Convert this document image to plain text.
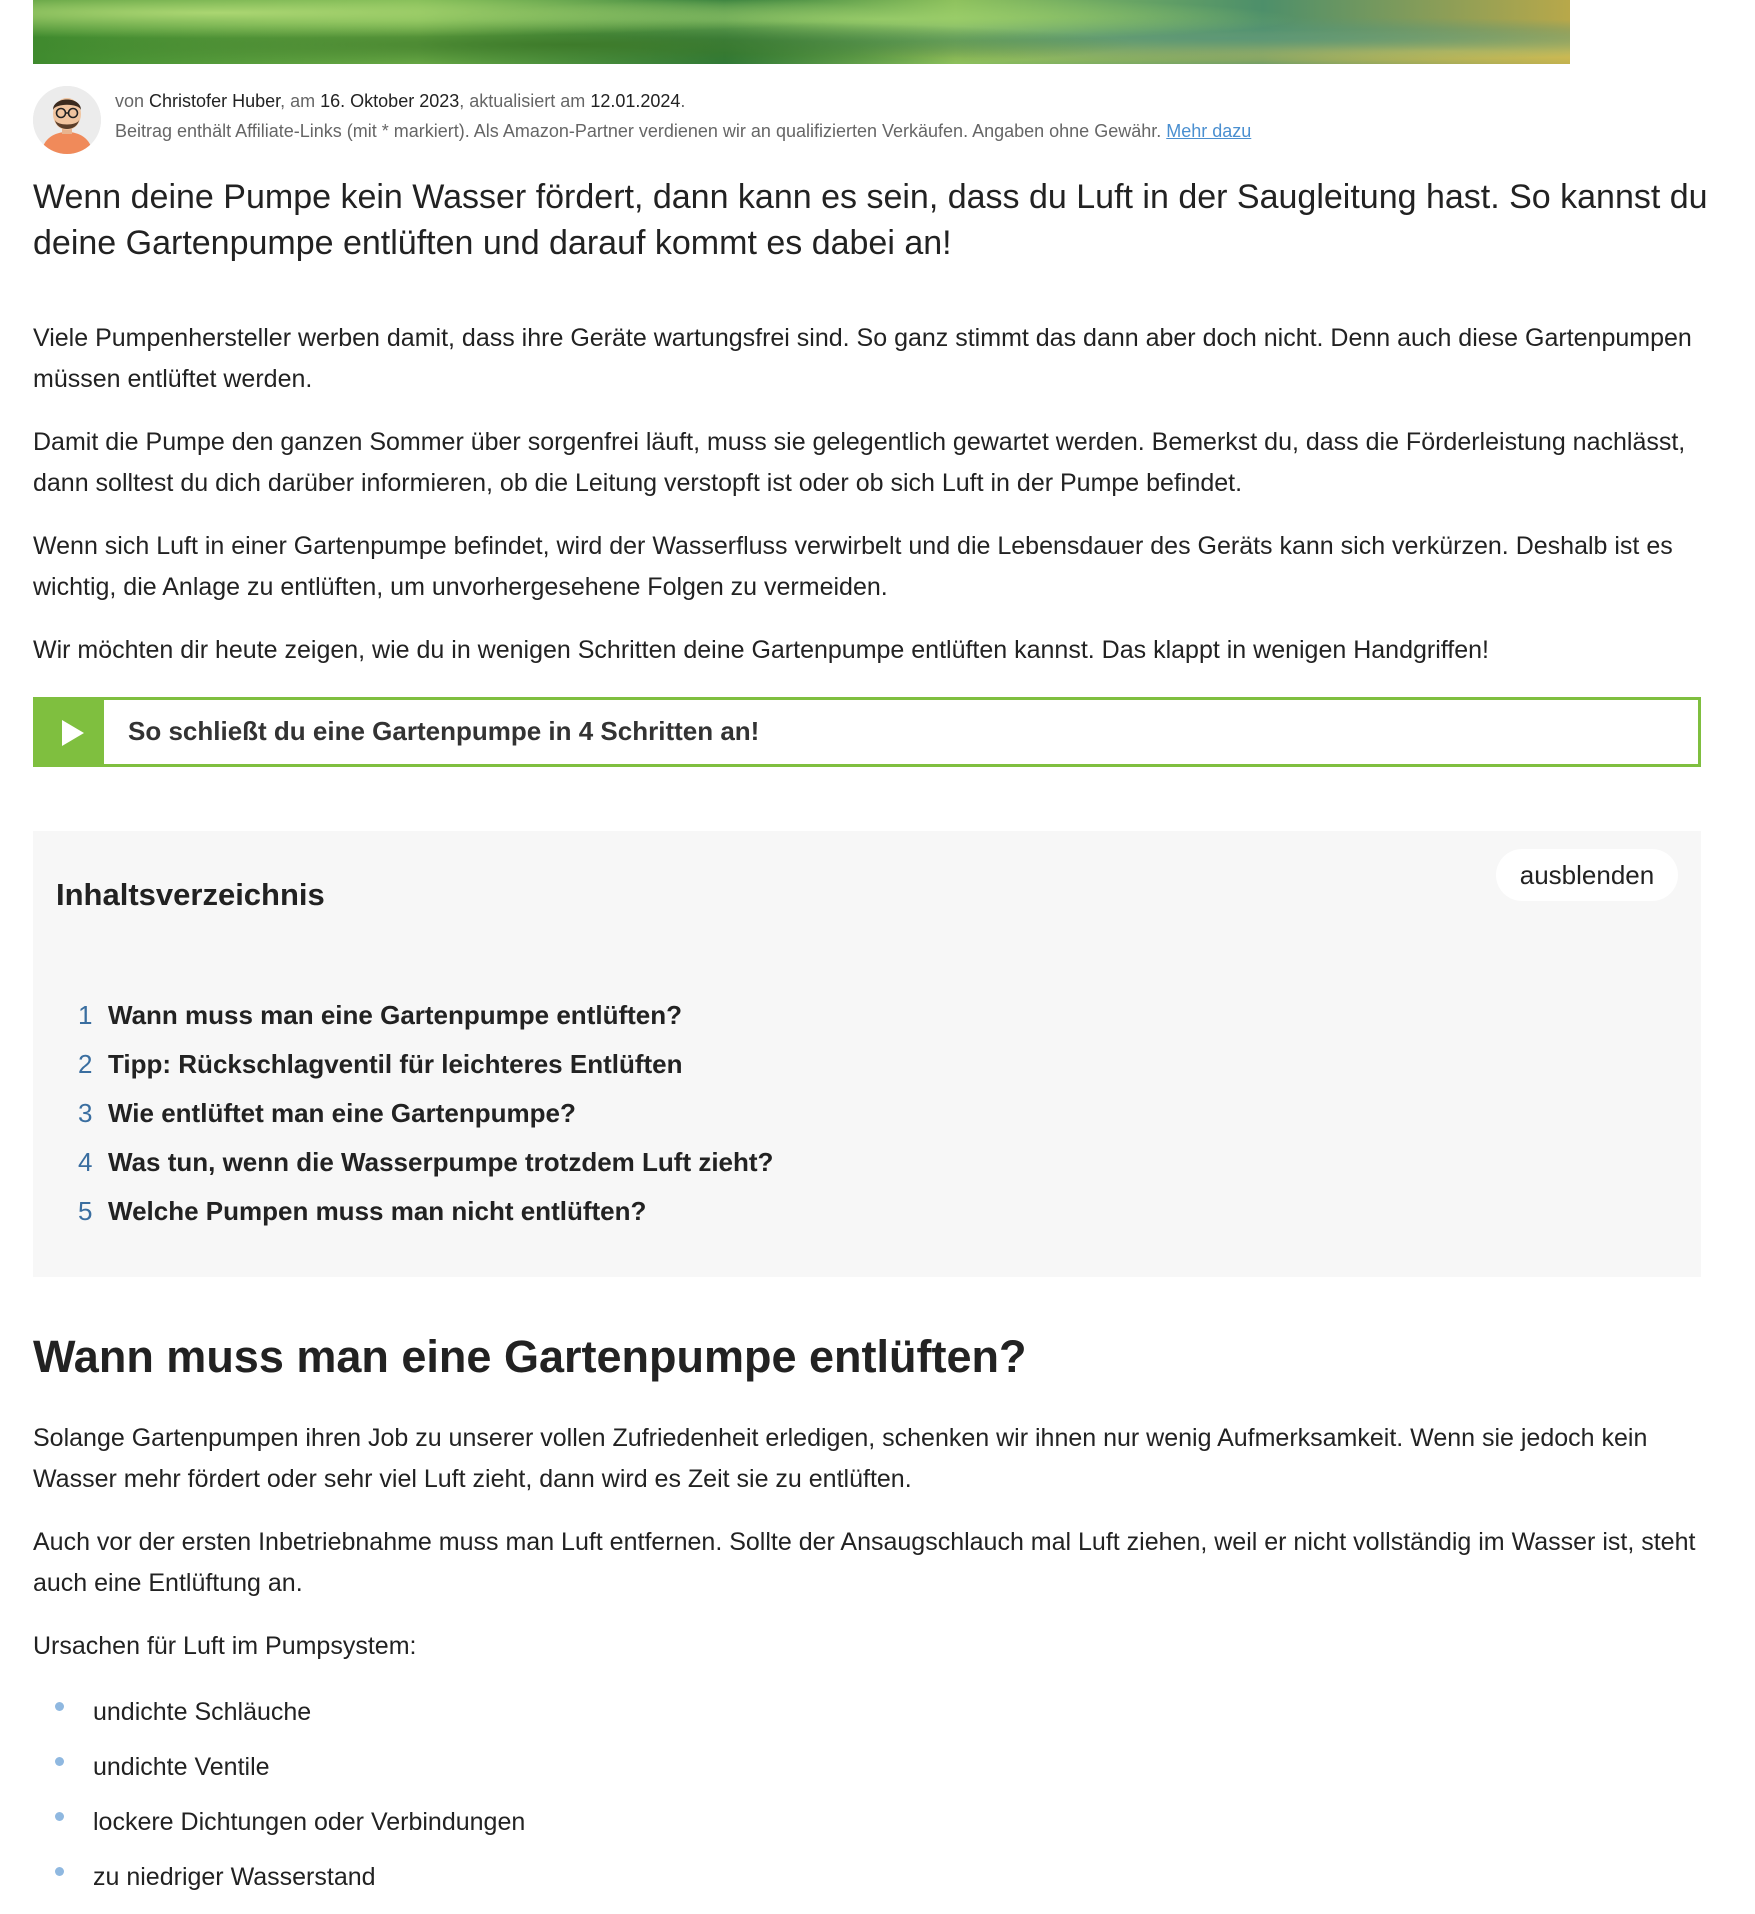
von Christofer Huber, am 16. Oktober 2023, aktualisiert am 12.01.2024.
Beitrag enthält Affiliate-Links (mit * markiert). Als Amazon-Partner verdienen wir an qualifizierten Verkäufen. Angaben ohne Gewähr. Mehr dazu
Wenn deine Pumpe kein Wasser fördert, dann kann es sein, dass du Luft in der Saugleitung hast. So kannst du deine Gartenpumpe entlüften und darauf kommt es dabei an!

Viele Pumpenhersteller werben damit, dass ihre Geräte wartungsfrei sind. So ganz stimmt das dann aber doch nicht. Denn auch diese Gartenpumpen müssen entlüftet werden.

Damit die Pumpe den ganzen Sommer über sorgenfrei läuft, muss sie gelegentlich gewartet werden. Bemerkst du, dass die Förderleistung nachlässt, dann solltest du dich darüber informieren, ob die Leitung verstopft ist oder ob sich Luft in der Pumpe befindet.

Wenn sich Luft in einer Gartenpumpe befindet, wird der Wasserfluss verwirbelt und die Lebensdauer des Geräts kann sich verkürzen. Deshalb ist es wichtig, die Anlage zu entlüften, um unvorhergesehene Folgen zu vermeiden.

Wir möchten dir heute zeigen, wie du in wenigen Schritten deine Gartenpumpe entlüften kannst. Das klappt in wenigen Handgriffen!

So schließt du eine Gartenpumpe in 4 Schritten an!
Inhaltsverzeichnis
ausblenden
1 Wann muss man eine Gartenpumpe entlüften?
2 Tipp: Rückschlagventil für leichteres Entlüften
3 Wie entlüftet man eine Gartenpumpe?
4 Was tun, wenn die Wasserpumpe trotzdem Luft zieht?
5 Welche Pumpen muss man nicht entlüften?
Wann muss man eine Gartenpumpe entlüften?

Solange Gartenpumpen ihren Job zu unserer vollen Zufriedenheit erledigen, schenken wir ihnen nur wenig Aufmerksamkeit. Wenn sie jedoch kein Wasser mehr fördert oder sehr viel Luft zieht, dann wird es Zeit sie zu entlüften.

Auch vor der ersten Inbetriebnahme muss man Luft entfernen. Sollte der Ansaugschlauch mal Luft ziehen, weil er nicht vollständig im Wasser ist, steht auch eine Entlüftung an.

Ursachen für Luft im Pumpsystem:

undichte Schläuche
undichte Ventile
lockere Dichtungen oder Verbindungen
zu niedriger Wasserstand
